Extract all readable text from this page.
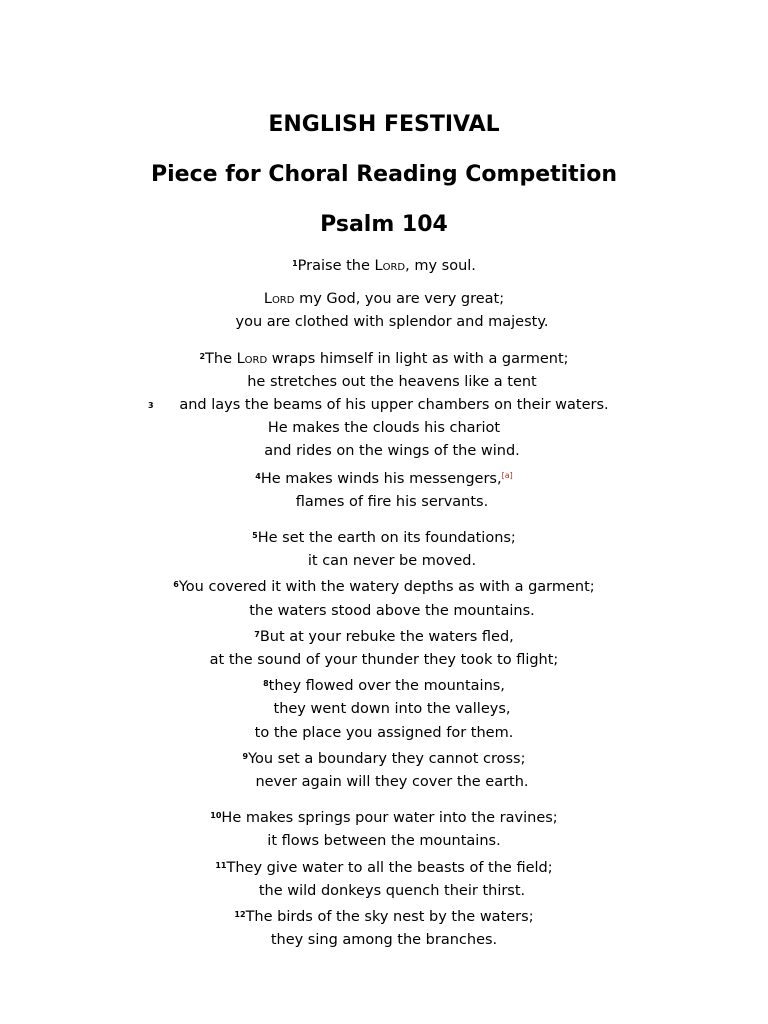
ENGLISH FESTIVAL
Piece for Choral Reading Competition
Psalm 104
$^1$Praise the Lord, my soul.
Lord my God, you are very great;
you are clothed with splendor and majesty.
$^2$The Lord wraps himself in light as with a garment;
he stretches out the heavens like a tent
3 and lays the beams of his upper chambers on their waters.
He makes the clouds his chariot
and rides on the wings of the wind.
$^4$He makes winds his messengers,[a]
flames of fire his servants.
$^5$He set the earth on its foundations;
it can never be moved.
$^6$You covered it with the watery depths as with a garment;
the waters stood above the mountains.
$^7$But at your rebuke the waters fled,
at the sound of your thunder they took to flight;
$^8$they flowed over the mountains,
they went down into the valleys,
to the place you assigned for them.
$^9$You set a boundary they cannot cross;
never again will they cover the earth.
$^{10}$He makes springs pour water into the ravines;
it flows between the mountains.
$^{11}$They give water to all the beasts of the field;
the wild donkeys quench their thirst.
$^{12}$The birds of the sky nest by the waters;
they sing among the branches.
